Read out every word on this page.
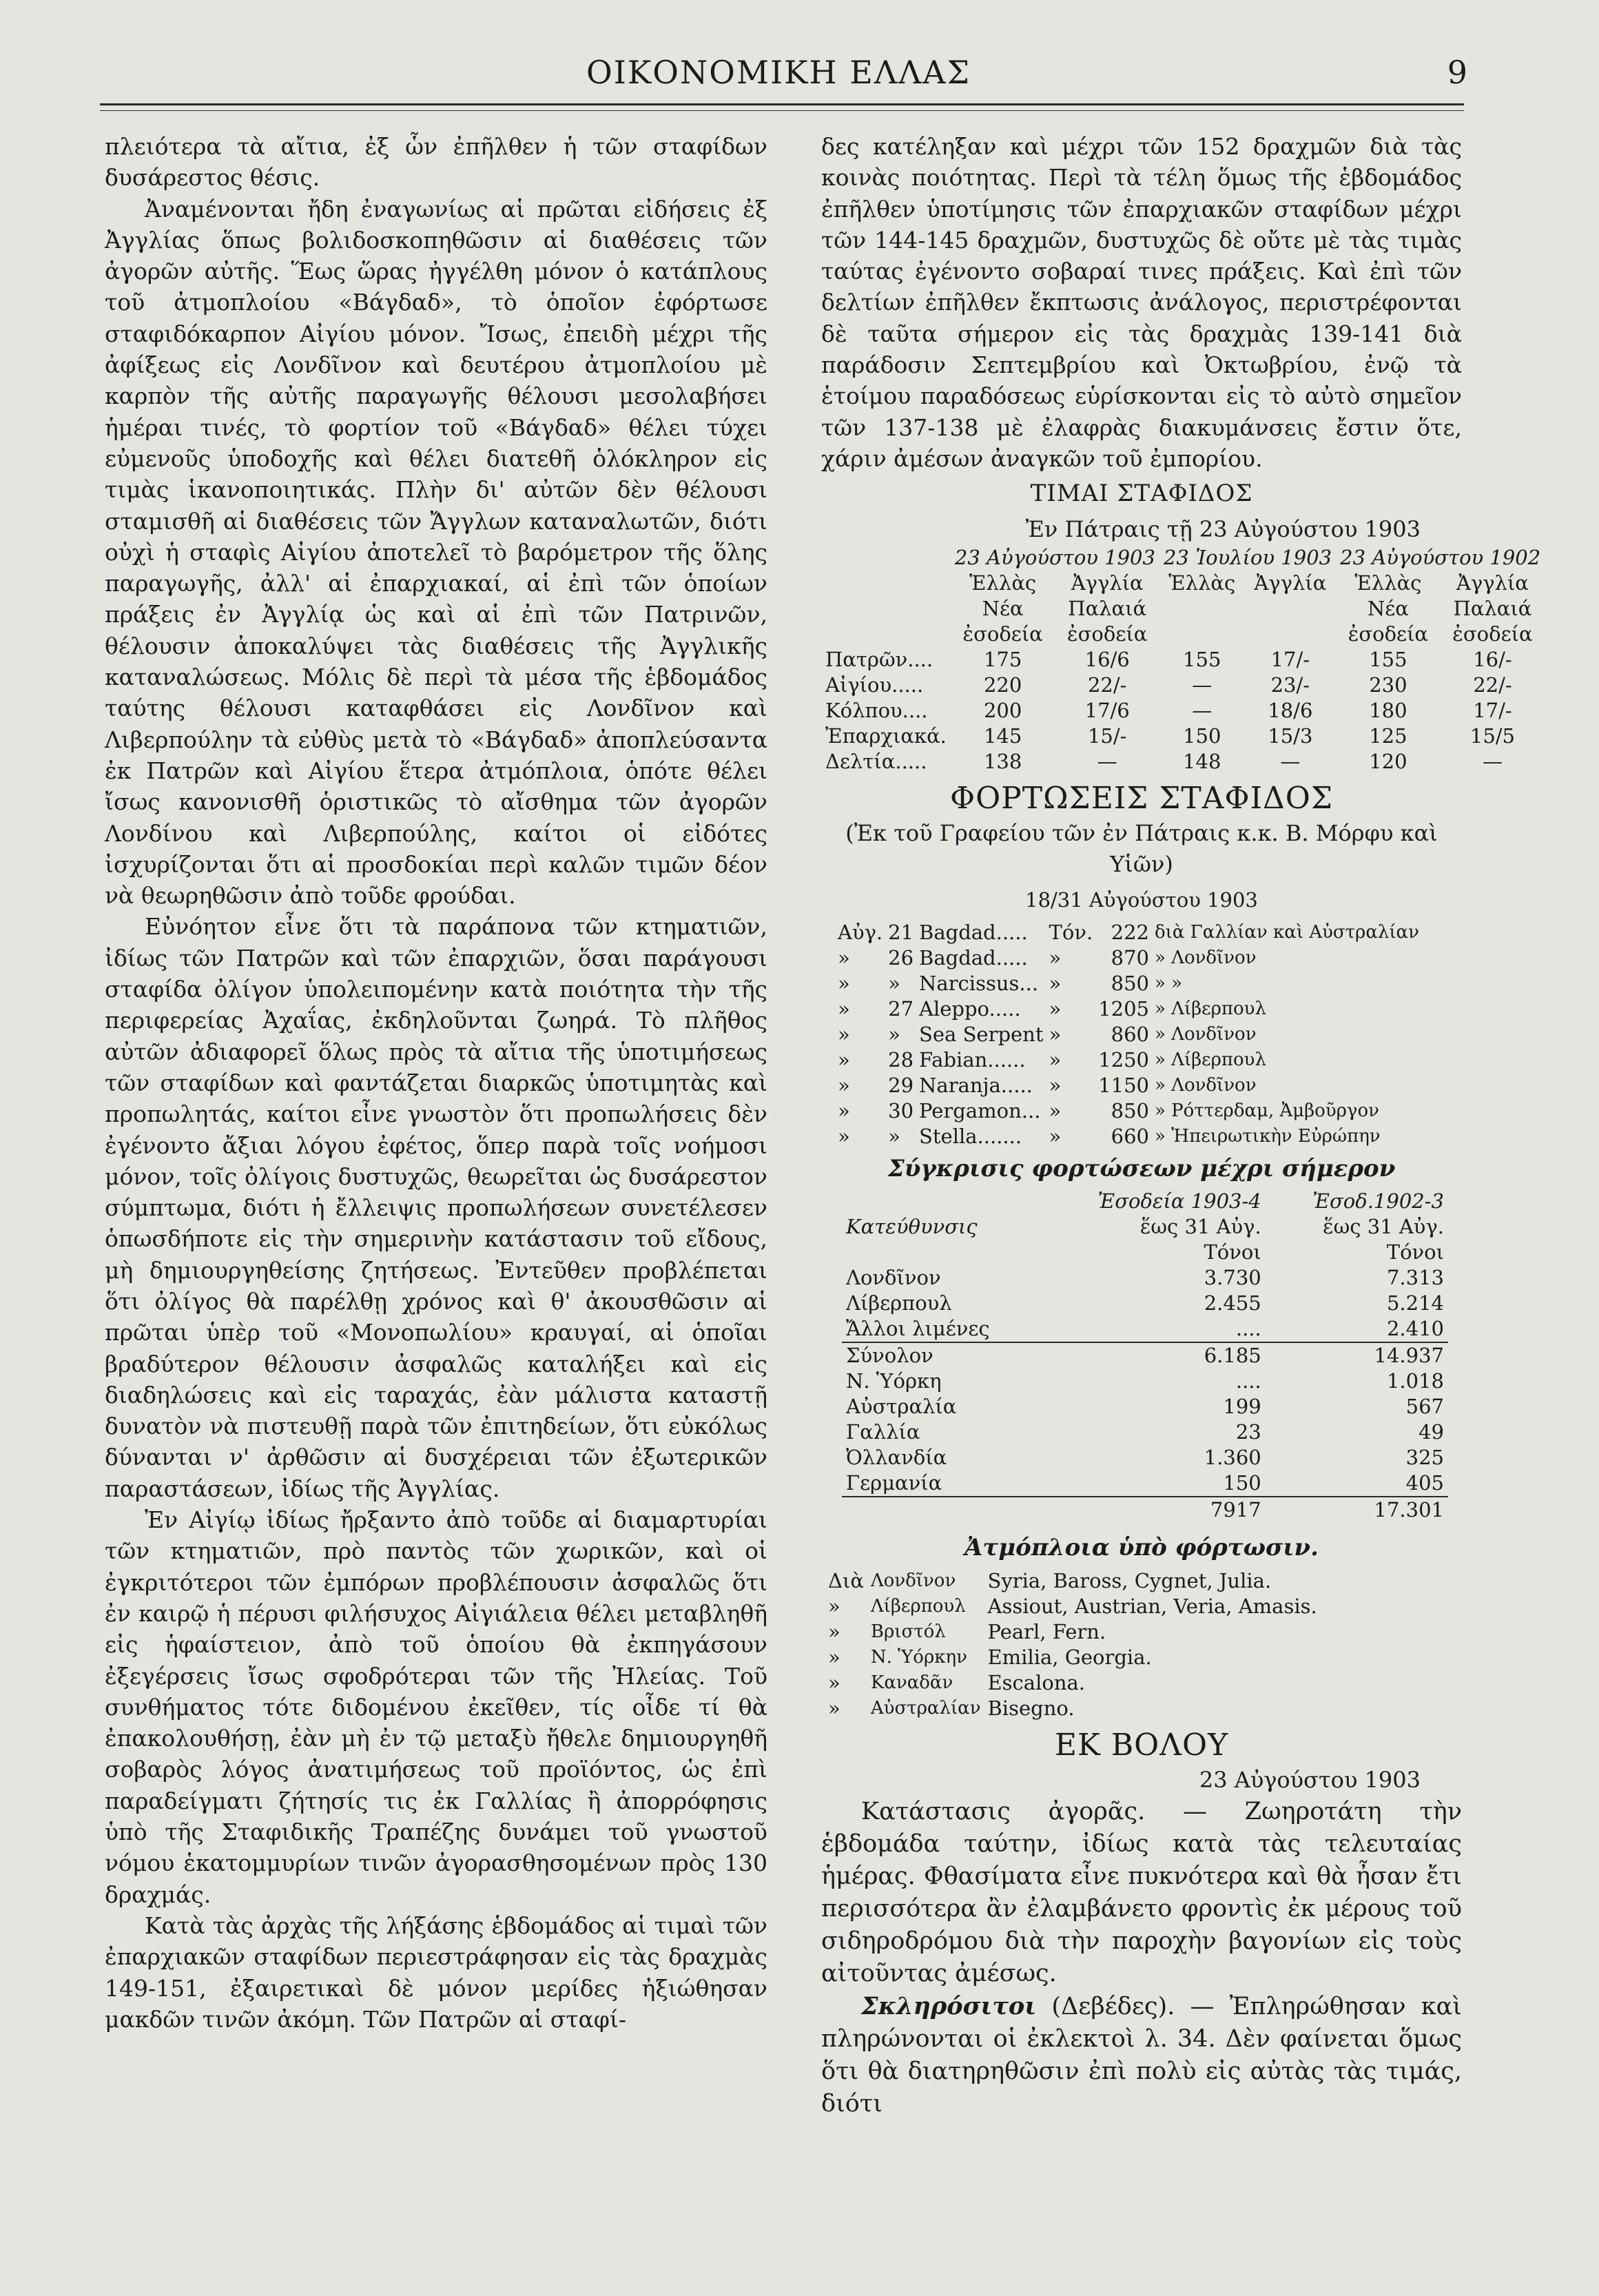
ΟΙΚΟΝΟΜΙΚΗ ΕΛΛΑΣ	9

πλειότερα τὰ αἴτια, ἐξ ὧν ἐπῆλθεν ἡ τῶν σταφίδων δυσάρεστος θέσις.

Ἀναμένονται ἤδη ἐναγωνίως αἱ πρῶται εἰδήσεις ἐξ Ἀγγλίας ὅπως βολιδοσκοπηθῶσιν αἱ διαθέσεις τῶν ἀγορῶν αὐτῆς. Ἕως ὥρας ἠγγέλθη μόνον ὁ κατάπλους τοῦ ἀτμοπλοίου «Βάγδαδ», τὸ ὁποῖον ἐφόρτωσε σταφιδόκαρπον Αἰγίου μόνον. Ἴσως, ἐπειδὴ μέχρι τῆς ἀφίξεως εἰς Λονδῖνον καὶ δευτέρου ἀτμοπλοίου μὲ καρπὸν τῆς αὐτῆς παραγωγῆς θέλουσι μεσολαβήσει ἡμέραι τινές, τὸ φορτίον τοῦ «Βάγδαδ» θέλει τύχει εὐμενοῦς ὑποδοχῆς καὶ θέλει διατεθῆ ὁλόκληρον εἰς τιμὰς ἱκανοποιητικάς. Πλὴν δι' αὐτῶν δὲν θέλουσι σταμισθῆ αἱ διαθέσεις τῶν Ἄγγλων καταναλωτῶν, διότι οὐχὶ ἡ σταφὶς Αἰγίου ἀποτελεῖ τὸ βαρόμετρον τῆς ὅλης παραγωγῆς, ἀλλ' αἱ ἐπαρχιακαί, αἱ ἐπὶ τῶν ὁποίων πράξεις ἐν Ἀγγλίᾳ ὡς καὶ αἱ ἐπὶ τῶν Πατρινῶν, θέλουσιν ἀποκαλύψει τὰς διαθέσεις τῆς Ἀγγλικῆς καταναλώσεως. Μόλις δὲ περὶ τὰ μέσα τῆς ἑβδομάδος ταύτης θέλουσι καταφθάσει εἰς Λονδῖνον καὶ Λιβερπούλην τὰ εὐθὺς μετὰ τὸ «Βάγδαδ» ἀποπλεύσαντα ἐκ Πατρῶν καὶ Αἰγίου ἕτερα ἀτμόπλοια, ὁπότε θέλει ἴσως κανονισθῆ ὁριστικῶς τὸ αἴσθημα τῶν ἀγορῶν Λονδίνου καὶ Λιβερπούλης, καίτοι οἱ εἰδότες ἰσχυρίζονται ὅτι αἱ προσδοκίαι περὶ καλῶν τιμῶν δέον νὰ θεωρηθῶσιν ἀπὸ τοῦδε φρούδαι.

Εὐνόητον εἶνε ὅτι τὰ παράπονα τῶν κτηματιῶν, ἰδίως τῶν Πατρῶν καὶ τῶν ἐπαρχιῶν, ὅσαι παράγουσι σταφίδα ὀλίγον ὑπολειπομένην κατὰ ποιότητα τὴν τῆς περιφερείας Ἀχαΐας, ἐκδηλοῦνται ζωηρά. Τὸ πλῆθος αὐτῶν ἀδιαφορεῖ ὅλως πρὸς τὰ αἴτια τῆς ὑποτιμήσεως τῶν σταφίδων καὶ φαντάζεται διαρκῶς ὑποτιμητὰς καὶ προπωλητάς, καίτοι εἶνε γνωστὸν ὅτι προπωλήσεις δὲν ἐγένοντο ἄξιαι λόγου ἐφέτος, ὅπερ παρὰ τοῖς νοήμοσι μόνον, τοῖς ὀλίγοις δυστυχῶς, θεωρεῖται ὡς δυσάρεστον σύμπτωμα, διότι ἡ ἔλλειψις προπωλήσεων συνετέλεσεν ὁπωσδήποτε εἰς τὴν σημερινὴν κατάστασιν τοῦ εἴδους, μὴ δημιουργηθείσης ζητήσεως. Ἐντεῦθεν προβλέπεται ὅτι ὀλίγος θὰ παρέλθῃ χρόνος καὶ θ' ἀκουσθῶσιν αἱ πρῶται ὑπὲρ τοῦ «Μονοπωλίου» κραυγαί, αἱ ὁποῖαι βραδύτερον θέλουσιν ἀσφαλῶς καταλήξει καὶ εἰς διαδηλώσεις καὶ εἰς ταραχάς, ἐὰν μάλιστα καταστῇ δυνατὸν νὰ πιστευθῇ παρὰ τῶν ἐπιτηδείων, ὅτι εὐκόλως δύνανται ν' ἀρθῶσιν αἱ δυσχέρειαι τῶν ἐξωτερικῶν παραστάσεων, ἰδίως τῆς Ἀγγλίας.

Ἐν Αἰγίῳ ἰδίως ἤρξαντο ἀπὸ τοῦδε αἱ διαμαρτυρίαι τῶν κτηματιῶν, πρὸ παντὸς τῶν χωρικῶν, καὶ οἱ ἐγκριτότεροι τῶν ἐμπόρων προβλέπουσιν ἀσφαλῶς ὅτι ἐν καιρῷ ἡ πέρυσι φιλήσυχος Αἰγιάλεια θέλει μεταβληθῆ εἰς ἡφαίστειον, ἀπὸ τοῦ ὁποίου θὰ ἐκπηγάσουν ἐξεγέρσεις ἴσως σφοδρότεραι τῶν τῆς Ἠλείας. Τοῦ συνθήματος τότε διδομένου ἐκεῖθεν, τίς οἶδε τί θὰ ἐπακολουθήσῃ, ἐὰν μὴ ἐν τῷ μεταξὺ ἤθελε δημιουργηθῆ σοβαρὸς λόγος ἀνατιμήσεως τοῦ προϊόντος, ὡς ἐπὶ παραδείγματι ζήτησίς τις ἐκ Γαλλίας ἢ ἀπορρόφησις ὑπὸ τῆς Σταφιδικῆς Τραπέζης δυνάμει τοῦ γνωστοῦ νόμου ἑκατομμυρίων τινῶν ἀγορασθησομένων πρὸς 130 δραχμάς.

Κατὰ τὰς ἀρχὰς τῆς λήξάσης ἑβδομάδος αἱ τιμαὶ τῶν ἐπαρχιακῶν σταφίδων περιεστράφησαν εἰς τὰς δραχμὰς 149-151, ἐξαιρετικαὶ δὲ μόνον μερίδες ἠξιώθησαν μακδῶν τινῶν ἀκόμη. Τῶν Πατρῶν αἱ σταφί-

δες κατέληξαν καὶ μέχρι τῶν 152 δραχμῶν διὰ τὰς κοινὰς ποιότητας. Περὶ τὰ τέλη ὅμως τῆς ἑβδομάδος ἐπῆλθεν ὑποτίμησις τῶν ἐπαρχιακῶν σταφίδων μέχρι τῶν 144-145 δραχμῶν, δυστυχῶς δὲ οὔτε μὲ τὰς τιμὰς ταύτας ἐγένοντο σοβαραί τινες πράξεις. Καὶ ἐπὶ τῶν δελτίων ἐπῆλθεν ἔκπτωσις ἀνάλογος, περιστρέφονται δὲ ταῦτα σήμερον εἰς τὰς δραχμὰς 139-141 διὰ παράδοσιν Σεπτεμβρίου καὶ Ὀκτωβρίου, ἐνῷ τὰ ἑτοίμου παραδόσεως εὑρίσκονται εἰς τὸ αὐτὸ σημεῖον τῶν 137-138 μὲ ἐλαφρὰς διακυμάνσεις ἔστιν ὅτε, χάριν ἀμέσων ἀναγκῶν τοῦ ἐμπορίου.

ΤΙΜΑΙ ΣΤΑΦΙΔΟΣ
Ἐν Πάτραις τῇ 23 Αὐγούστου 1903
	23 Αὐγούστου 1903		23 Ἰουλίου 1903		23 Αὐγούστου 1902	
	Ἑλλὰς	Ἀγγλία	Ἑλλὰς	Ἀγγλία	Ἑλλὰς	Ἀγγλία
	Νέα	Παλαιά			Νέα	Παλαιά
	ἐσοδεία	ἐσοδεία			ἐσοδεία	ἐσοδεία
Πατρῶν....	175	16/6	155	17/-	155	16/-
Αἰγίου.....	220	22/-	—	23/-	230	22/-
Κόλπου....	200	17/6	—	18/6	180	17/-
Ἐπαρχιακά.	145	15/-	150	15/3	125	15/5
Δελτία.....	138	—	148	—	120	—
ΦΟΡΤΩΣΕΙΣ ΣΤΑΦΙΔΟΣ
(Ἐκ τοῦ Γραφείου τῶν ἐν Πάτραις κ.κ. Β. Μόρφυ καὶ Υἱῶν)
18/31 Αὐγούστου 1903
Αὐγ.	21	Bagdad.....	Τόν.	222	διὰ Γαλλίαν καὶ Αὐστραλίαν
»	26	Bagdad.....	»	870	» Λονδῖνον
»	»	Narcissus...	»	850	» »
»	27	Aleppo.....	»	1205	» Λίβερπουλ
»	»	Sea Serpent	»	860	» Λονδῖνον
»	28	Fabian......	»	1250	» Λίβερπουλ
»	29	Naranja.....	»	1150	» Λονδῖνον
»	30	Pergamon...	»	850	» Ρόττερδαμ, Ἀμβοῦργον
»	»	Stella.......	»	660	» Ἠπειρωτικὴν Εὐρώπην
Σύγκρισις φορτώσεων μέχρι σήμερον
	Ἐσοδεία 1903-4	Ἐσοδ.1902-3
Κατεύθυνσις	ἕως 31 Αὐγ.	ἕως 31 Αὐγ.
	Τόνοι	Τόνοι
Λονδῖνον	3.730	7.313
Λίβερπουλ	2.455	5.214
Ἄλλοι λιμένες	....	2.410
Σύνολον	6.185	14.937
Ν. Ὑόρκη	....	1.018
Αὐστραλία	199	567
Γαλλία	23	49
Ὀλλανδία	1.360	325
Γερμανία	150	405
	7917	17.301
Ἀτμόπλοια ὑπὸ φόρτωσιν.
Διὰ	Λονδῖνον	Syria, Baross, Cygnet, Julia.
»	Λίβερπουλ	Assiout, Austrian, Veria, Amasis.
»	Βριστόλ	Pearl, Fern.
»	Ν. Ὑόρκην	Emilia, Georgia.
»	Καναδᾶν	Escalona.
»	Αὐστραλίαν	Bisegno.
ΕΚ ΒΟΛΟΥ
23 Αὐγούστου 1903

Κατάστασις ἀγορᾶς. — Ζωηροτάτη τὴν ἑβδομάδα ταύτην, ἰδίως κατὰ τὰς τελευταίας ἡμέρας. Φθασίματα εἶνε πυκνότερα καὶ θὰ ἦσαν ἔτι περισσότερα ἂν ἐλαμβάνετο φροντὶς ἐκ μέρους τοῦ σιδηροδρόμου διὰ τὴν παροχὴν βαγονίων εἰς τοὺς αἰτοῦντας ἀμέσως.

Σκληρόσιτοι (Δεβέδες). — Ἐπληρώθησαν καὶ πληρώνονται οἱ ἐκλεκτοὶ λ. 34. Δὲν φαίνεται ὅμως ὅτι θὰ διατηρηθῶσιν ἐπὶ πολὺ εἰς αὐτὰς τὰς τιμάς, διότι
